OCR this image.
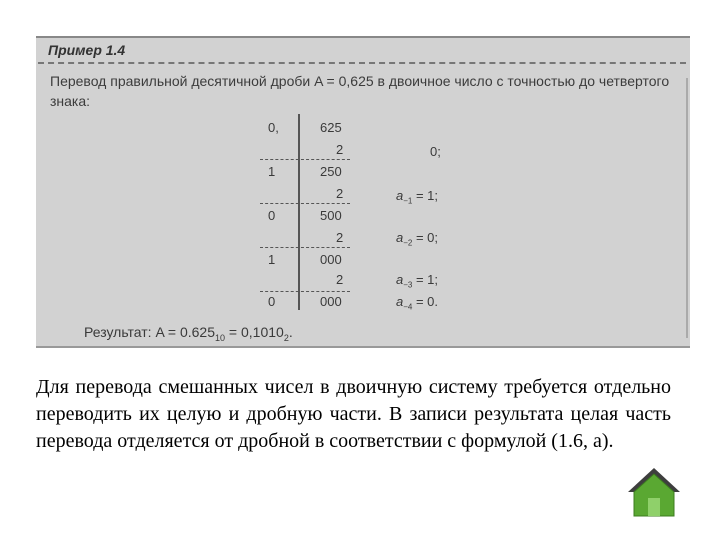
Пример 1.4
Перевод правильной десятичной дроби A = 0,625 в двоичное число с точностью до четвертого знака:
0,
1
0
1
0
625
2
250
2
500
2
000
2
000
0;
$a_{-1} = 1$;
$a_{-2} = 0$;
$a_{-3} = 1$;
$a_{-4} = 0$.
Результат: $A = 0.625_{10} = 0,1010_2$.
Для перевода смешанных чисел в двоичную систему требуется отдельно переводить их целую и дробную части. В записи результата целая часть перевода отделяется от дробной в соответствии с формулой (1.6, а).
